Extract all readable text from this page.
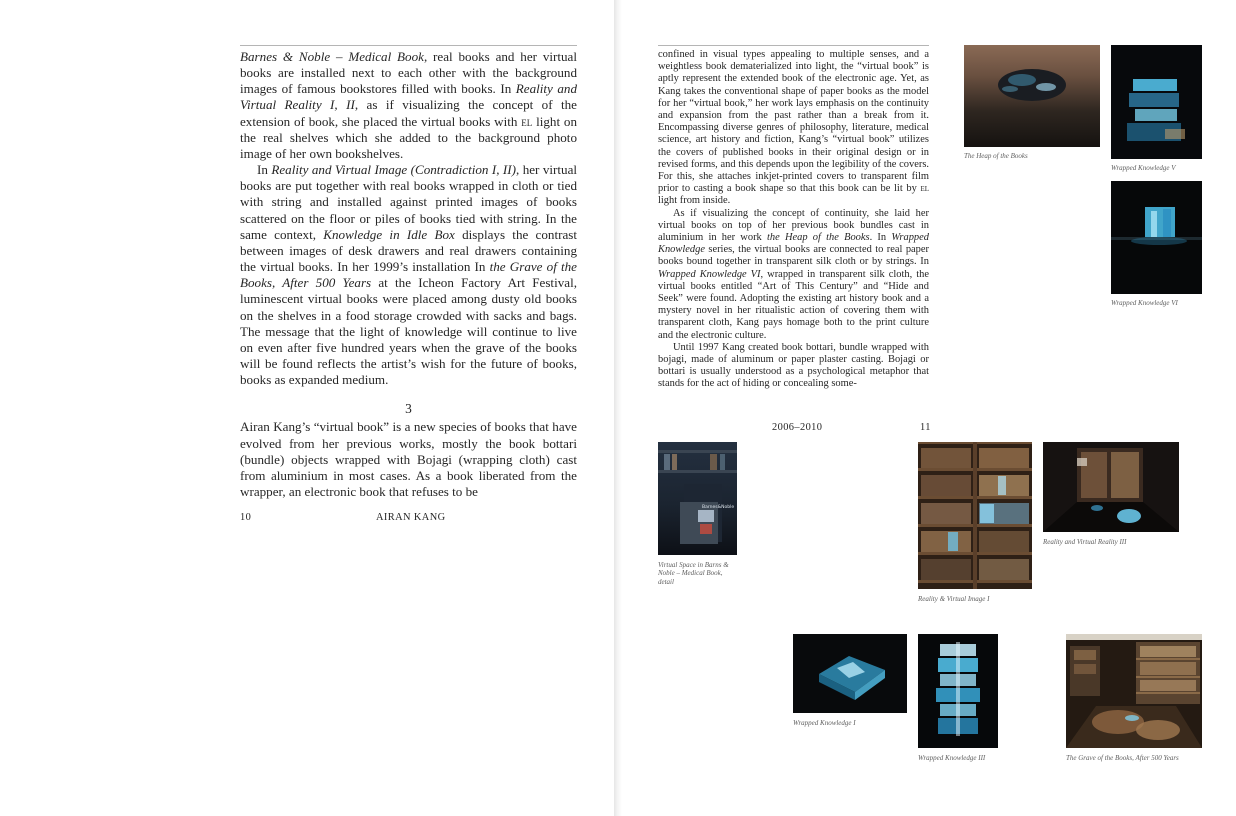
Barnes & Noble – Medical Book, real books and her virtual books are installed next to each other with the background images of famous bookstores filled with books. In Reality and Virtual Reality I, II, as if visualizing the concept of the extension of book, she placed the virtual books with el light on the real shelves which she added to the background photo image of her own bookshelves.

In Reality and Virtual Image (Contradiction I, II), her virtual books are put together with real books wrapped in cloth or tied with string and installed against printed images of books scattered on the floor or piles of books tied with string. In the same context, Knowledge in Idle Box displays the contrast between images of desk drawers and real drawers containing the virtual books. In her 1999’s installation In the Grave of the Books, After 500 Years at the Icheon Factory Art Festival, luminescent virtual books were placed among dusty old books on the shelves in a food storage crowded with sacks and bags. The message that the light of knowledge will continue to live on even after five hundred years when the grave of the books will be found reflects the artist’s wish for the future of books, books as expanded medium.

3

Airan Kang’s “virtual book” is a new species of books that have evolved from her previous works, mostly the book bottari (bundle) objects wrapped with Bojagi (wrapping cloth) cast from aluminium in most cases. As a book liberated from the wrapper, an electronic book that refuses to be

10	AIRAN KANG

confined in visual types appealing to multiple senses, and a weightless book dematerialized into light, the “virtual book” is aptly represent the extended book of the electronic age. Yet, as Kang takes the conventional shape of paper books as the model for her “virtual book,” her work lays emphasis on the continuity and expansion from the past rather than a break from it. Encompassing diverse genres of philosophy, literature, medical science, art history and fiction, Kang’s “virtual book” utilizes the covers of published books in their original design or in revised forms, and this depends upon the legibility of the covers. For this, she attaches inkjet-printed covers to transparent film prior to casting a book shape so that this book can be lit by el light from inside.

As if visualizing the concept of continuity, she laid her virtual books on top of her previous book bundles cast in aluminium in her work the Heap of the Books. In Wrapped Knowledge series, the virtual books are connected to real paper books bound together in transparent silk cloth or by strings. In Wrapped Knowledge VI, wrapped in transparent silk cloth, the virtual books entitled “Art of This Century” and “Hide and Seek” were found. Adopting the existing art history book and a mystery novel in her ritualistic action of covering them with transparent cloth, Kang pays homage both to the print culture and the electronic culture.

Until 1997 Kang created book bottari, bundle wrapped with bojagi, made of aluminum or paper plaster casting. Bojagi or bottari is usually understood as a psychological metaphor that stands for the act of hiding or concealing some-

2006–2010	11
The Heap of the Books
Wrapped Knowledge V
Wrapped Knowledge VI
Barnes&Noble
Virtual Space in Barns &
Noble – Medical Book,
detail
Reality & Virtual Image I
Reality and Virtual Reality III
Wrapped Knowledge I
Wrapped Knowledge III	The Grave of the Books, After 500 Years
